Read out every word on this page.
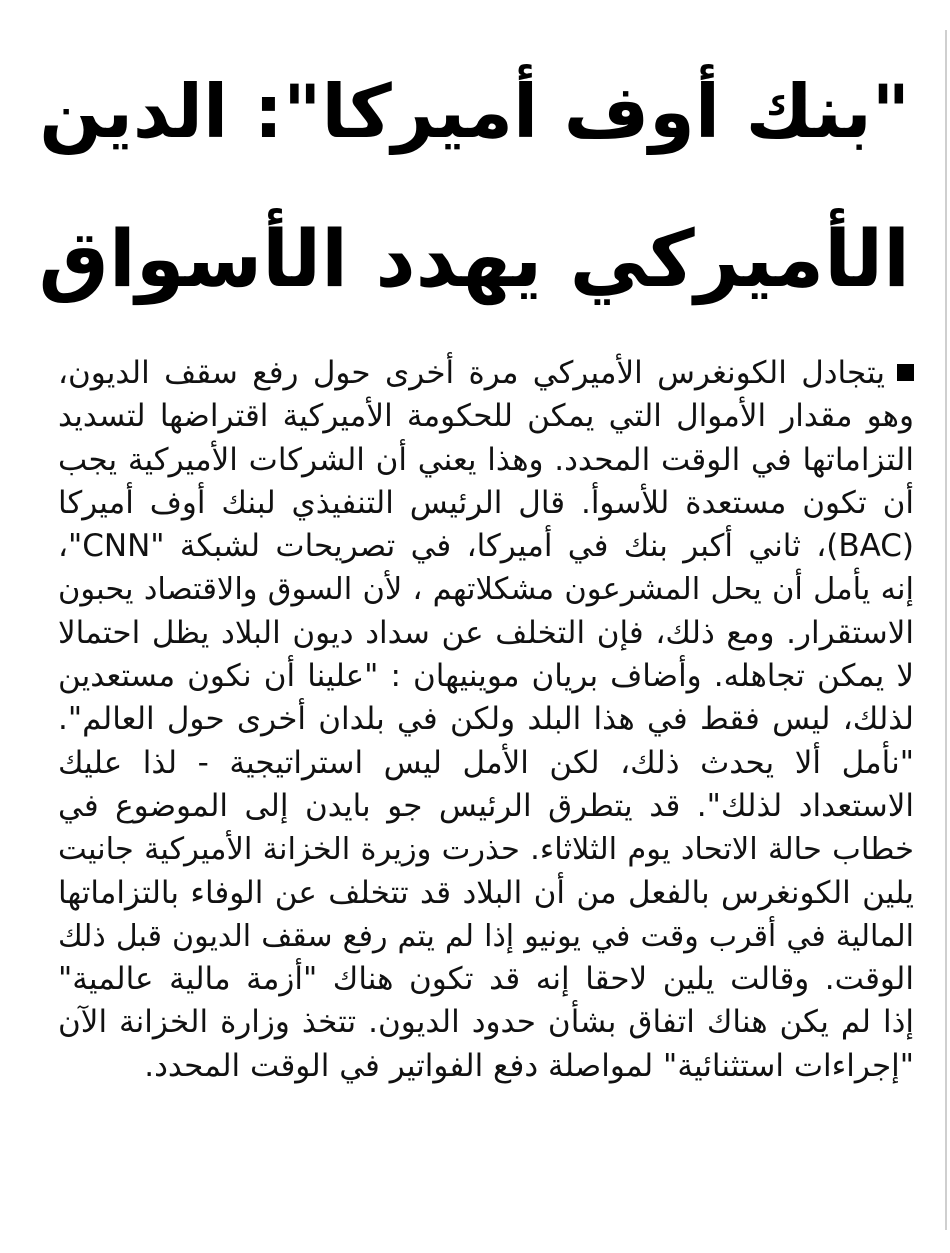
"بنك أوف أميركا": الدين
الأميركي يهدد الأسواق
يتجادل الكونغرس الأميركي مرة أخرى حول رفع سقف الديون،
وهو مقدار الأموال التي يمكن للحكومة الأميركية اقتراضها لتسديد
التزاماتها في الوقت المحدد. وهذا يعني أن الشركات الأميركية يجب
أن تكون مستعدة للأسوأ. قال الرئيس التنفيذي لبنك أوف أميركا
(BAC)، ثاني أكبر بنك في أميركا، في تصريحات لشبكة "CNN"،
إنه يأمل أن يحل المشرعون مشكلاتهم ، لأن السوق والاقتصاد يحبون
الاستقرار. ومع ذلك، فإن التخلف عن سداد ديون البلاد يظل احتمالا
لا يمكن تجاهله. وأضاف بريان موينيهان : "علينا أن نكون مستعدين
لذلك، ليس فقط في هذا البلد ولكن في بلدان أخرى حول العالم".
"نأمل ألا يحدث ذلك، لكن الأمل ليس استراتيجية - لذا عليك
الاستعداد لذلك". قد يتطرق الرئيس جو بايدن إلى الموضوع في
خطاب حالة الاتحاد يوم الثلاثاء. حذرت وزيرة الخزانة الأميركية جانيت
يلين الكونغرس بالفعل من أن البلاد قد تتخلف عن الوفاء بالتزاماتها
المالية في أقرب وقت في يونيو إذا لم يتم رفع سقف الديون قبل ذلك
الوقت. وقالت يلين لاحقا إنه قد تكون هناك "أزمة مالية عالمية"
إذا لم يكن هناك اتفاق بشأن حدود الديون. تتخذ وزارة الخزانة الآن
"إجراءات استثنائية" لمواصلة دفع الفواتير في الوقت المحدد.
